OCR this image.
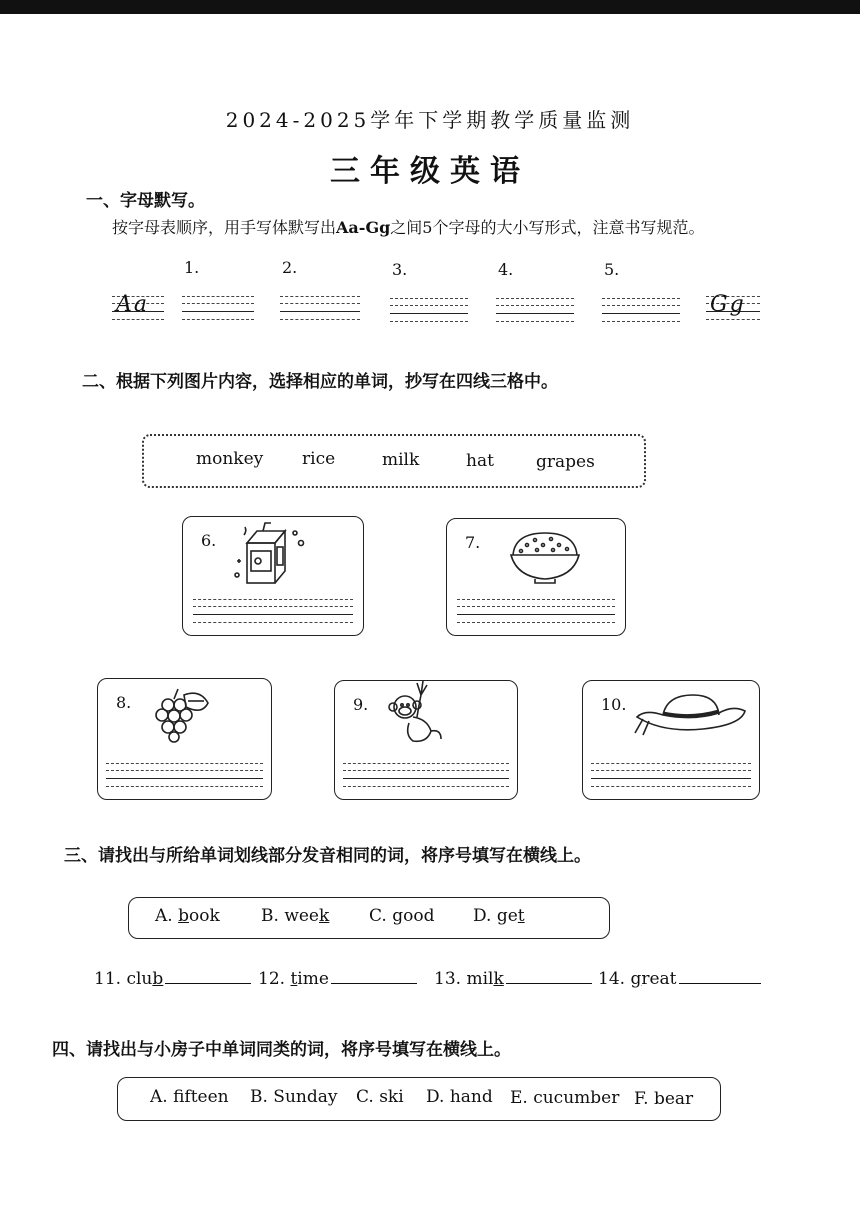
2024-2025学年下学期教学质量监测
三年级英语
一、字母默写。
按字母表顺序，用手写体默写出Aa-Gg之间5个字母的大小写形式，注意书写规范。
Aa
1.	2.	3.	4.	5.
Gg
二、根据下列图片内容，选择相应的单词，抄写在四线三格中。
monkey rice	milk	hat grapes
6.	7.
8.	9.	10.
三、请找出与所给单词划线部分发音相同的词，将序号填写在横线上。
A. book B. week C. good D. get
11. club	12. time	13. milk	14. great
四、请找出与小房子中单词同类的词，将序号填写在横线上。
A. fifteen B. Sunday C. ski D. hand E. cucumber F. bear
